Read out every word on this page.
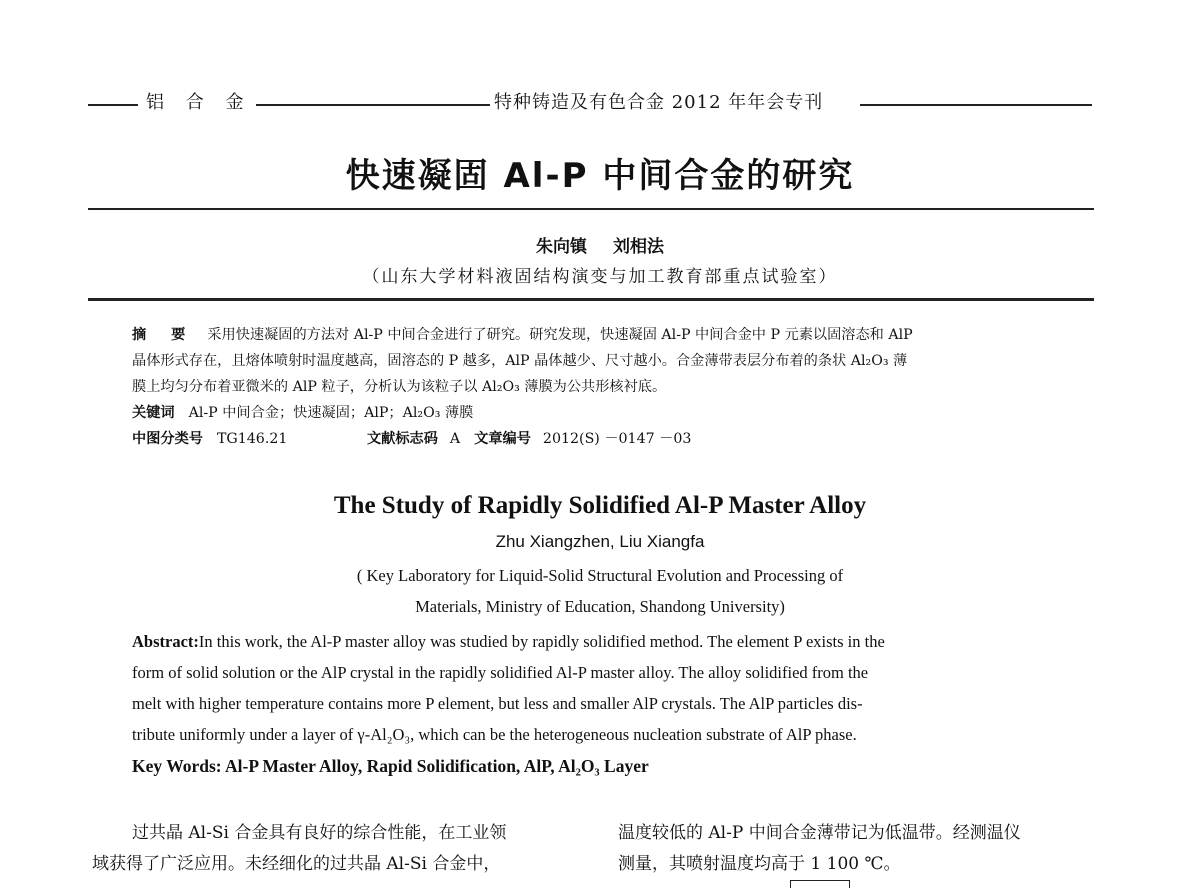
铝 合 金	特种铸造及有色合金 2012 年年会专刊
快速凝固 Al-P 中间合金的研究
朱向镇 刘相法
（山东大学材料液固结构演变与加工教育部重点试验室）
摘 要 采用快速凝固的方法对 Al-P 中间合金进行了研究。研究发现，快速凝固 Al-P 中间合金中 P 元素以固溶态和 AlP
晶体形式存在，且熔体喷射时温度越高，固溶态的 P 越多，AlP 晶体越少、尺寸越小。合金薄带表层分布着的条状 Al₂O₃ 薄
膜上均匀分布着亚微米的 AlP 粒子，分析认为该粒子以 Al₂O₃ 薄膜为公共形核衬底。
关键词 Al-P 中间合金；快速凝固；AlP；Al₂O₃ 薄膜
中图分类号 TG146.21	文献标志码 A 文章编号 2012(S) －0147 －03
The Study of Rapidly Solidified Al-P Master Alloy
Zhu Xiangzhen, Liu Xiangfa
( Key Laboratory for Liquid-Solid Structural Evolution and Processing of
Materials, Ministry of Education, Shandong University)
Abstract:In this work, the Al-P master alloy was studied by rapidly solidified method. The element P exists in the
form of solid solution or the AlP crystal in the rapidly solidified Al-P master alloy. The alloy solidified from the
melt with higher temperature contains more P element, but less and smaller AlP crystals. The AlP particles dis-
tribute uniformly under a layer of γ-Al₂O₃, which can be the heterogeneous nucleation substrate of AlP phase.
Key Words: Al-P Master Alloy, Rapid Solidification, AlP, Al₂O₃ Layer
过共晶 Al-Si 合金具有良好的综合性能，在工业领
域获得了广泛应用。未经细化的过共晶 Al-Si 合金中，
温度较低的 Al-P 中间合金薄带记为低温带。经测温仪
测量，其喷射温度均高于 1 100 ℃。
